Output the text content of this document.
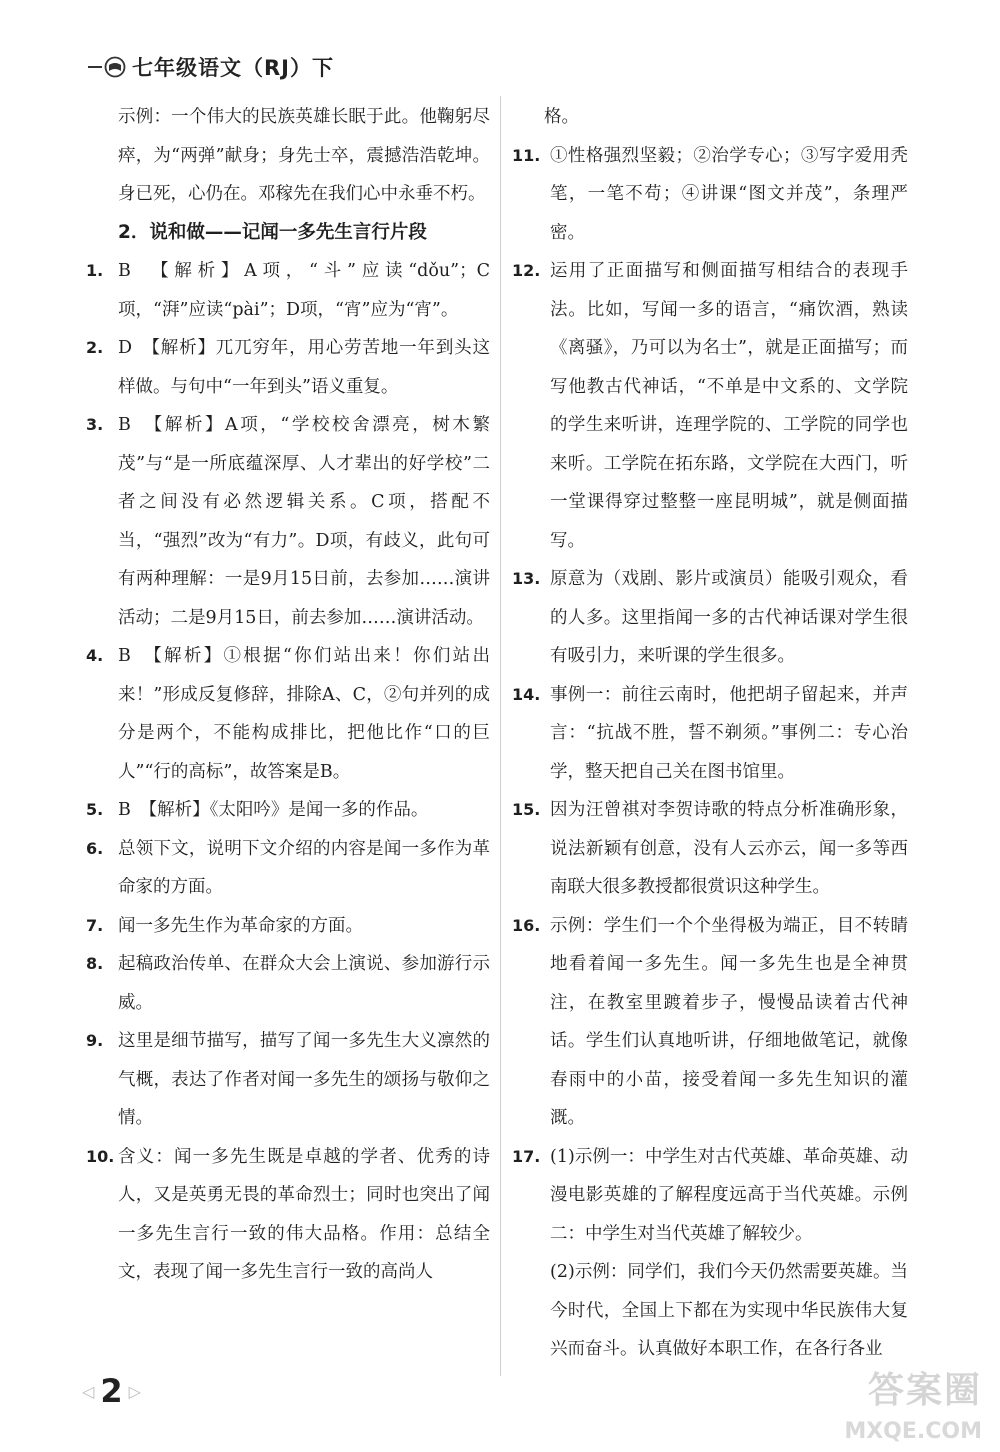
七年级语文（RJ）下

示例：一个伟大的民族英雄长眠于此。他鞠躬尽瘁，为“两弹”献身；身先士卒，震撼浩浩乾坤。身已死，心仍在。邓稼先在我们心中永垂不朽。

2．说和做——记闻一多先生言行片段

1. B　【解析】A项，“斗”应读“dǒu”；C项，“湃”应读“pài”；D项，“宵”应为“宵”。

2. D　【解析】兀兀穷年，用心劳苦地一年到头这样做。与句中“一年到头”语义重复。

3. B　【解析】A项，“学校校舍漂亮，树木繁茂”与“是一所底蕴深厚、人才辈出的好学校”二者之间没有必然逻辑关系。C项，搭配不当，“强烈”改为“有力”。D项，有歧义，此句可有两种理解：一是9月15日前，去参加……演讲活动；二是9月15日，前去参加……演讲活动。

4. B　【解析】①根据“你们站出来！你们站出来！”形成反复修辞，排除A、C，②句并列的成分是两个，不能构成排比，把他比作“口的巨人”“行的高标”，故答案是B。

5. B　【解析】《太阳吟》是闻一多的作品。

6. 总领下文，说明下文介绍的内容是闻一多作为革命家的方面。

7. 闻一多先生作为革命家的方面。

8. 起稿政治传单、在群众大会上演说、参加游行示威。

9. 这里是细节描写，描写了闻一多先生大义凛然的气概，表达了作者对闻一多先生的颂扬与敬仰之情。

10. 含义：闻一多先生既是卓越的学者、优秀的诗人，又是英勇无畏的革命烈士；同时也突出了闻一多先生言行一致的伟大品格。作用：总结全文，表现了闻一多先生言行一致的高尚人

格。

11. ①性格强烈坚毅；②治学专心；③写字爱用秃笔，一笔不苟；④讲课“图文并茂”，条理严密。

12. 运用了正面描写和侧面描写相结合的表现手法。比如，写闻一多的语言，“痛饮酒，熟读《离骚》，乃可以为名士”，就是正面描写；而写他教古代神话，“不单是中文系的、文学院的学生来听讲，连理学院的、工学院的同学也来听。工学院在拓东路，文学院在大西门，听一堂课得穿过整整一座昆明城”，就是侧面描写。

13. 原意为（戏剧、影片或演员）能吸引观众，看的人多。这里指闻一多的古代神话课对学生很有吸引力，来听课的学生很多。

14. 事例一：前往云南时，他把胡子留起来，并声言：“抗战不胜，誓不剃须。”事例二：专心治学，整天把自己关在图书馆里。

15. 因为汪曾祺对李贺诗歌的特点分析准确形象，说法新颖有创意，没有人云亦云，闻一多等西南联大很多教授都很赏识这种学生。

16. 示例：学生们一个个坐得极为端正，目不转睛地看着闻一多先生。闻一多先生也是全神贯注，在教室里踱着步子，慢慢品读着古代神话。学生们认真地听讲，仔细地做笔记，就像春雨中的小苗，接受着闻一多先生知识的灌溉。

17. (1)示例一：中学生对古代英雄、革命英雄、动漫电影英雄的了解程度远高于当代英雄。示例二：中学生对当代英雄了解较少。

(2)示例：同学们，我们今天仍然需要英雄。当今时代，全国上下都在为实现中华民族伟大复兴而奋斗。认真做好本职工作，在各行各业

◁ 2 ▷	答案圈
MXQE.COM
